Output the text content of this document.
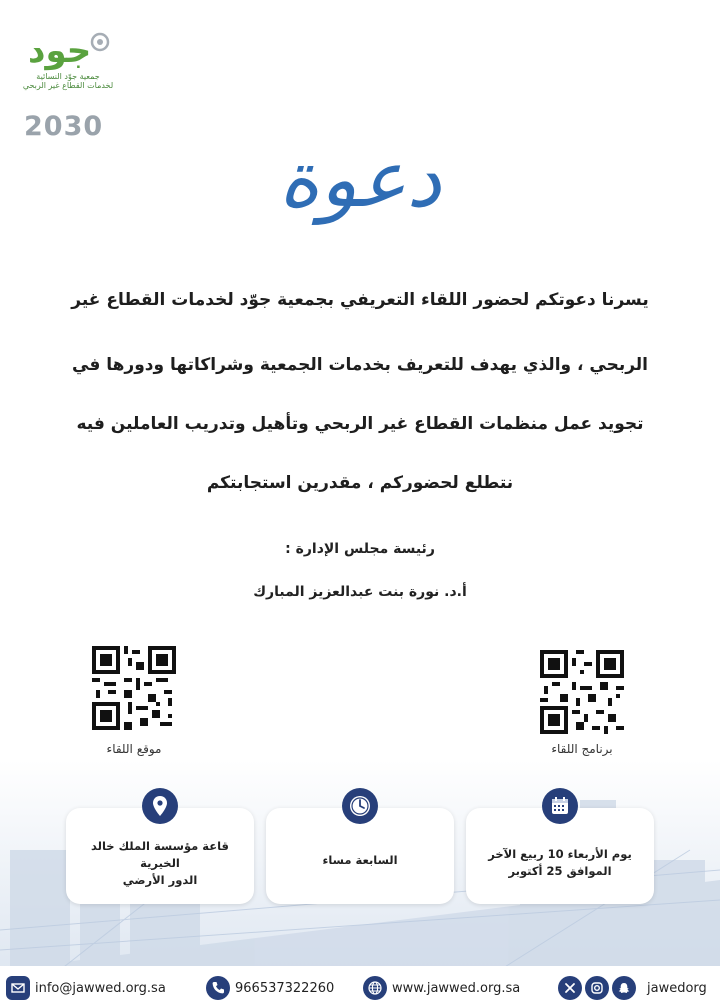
جود
جمعية جوّد النسائية
لخدمات القطاع غير الربحي
2030
دعوة
يسرنا دعوتكم لحضور اللقاء التعريفي بجمعية جوّد لخدمات القطاع غير
الربحي ، والذي يهدف للتعريف بخدمات الجمعية وشراكاتها ودورها في
تجويد عمل منظمات القطاع غير الربحي وتأهيل وتدريب العاملين فيه
نتطلع لحضوركم ، مقدرين استجابتكم
رئيسة مجلس الإدارة :
أ.د. نورة بنت عبدالعزيز المبارك
موقع اللقاء	برنامج اللقاء
قاعة مؤسسة الملك خالد
الخيرية
الدور الأرضي
السابعة مساء	يوم الأربعاء 10 ربيع الآخر
الموافق 25 أكتوبر
info@jawwed.org.sa	966537322260	www.jawwed.org.sa	jawedorg
